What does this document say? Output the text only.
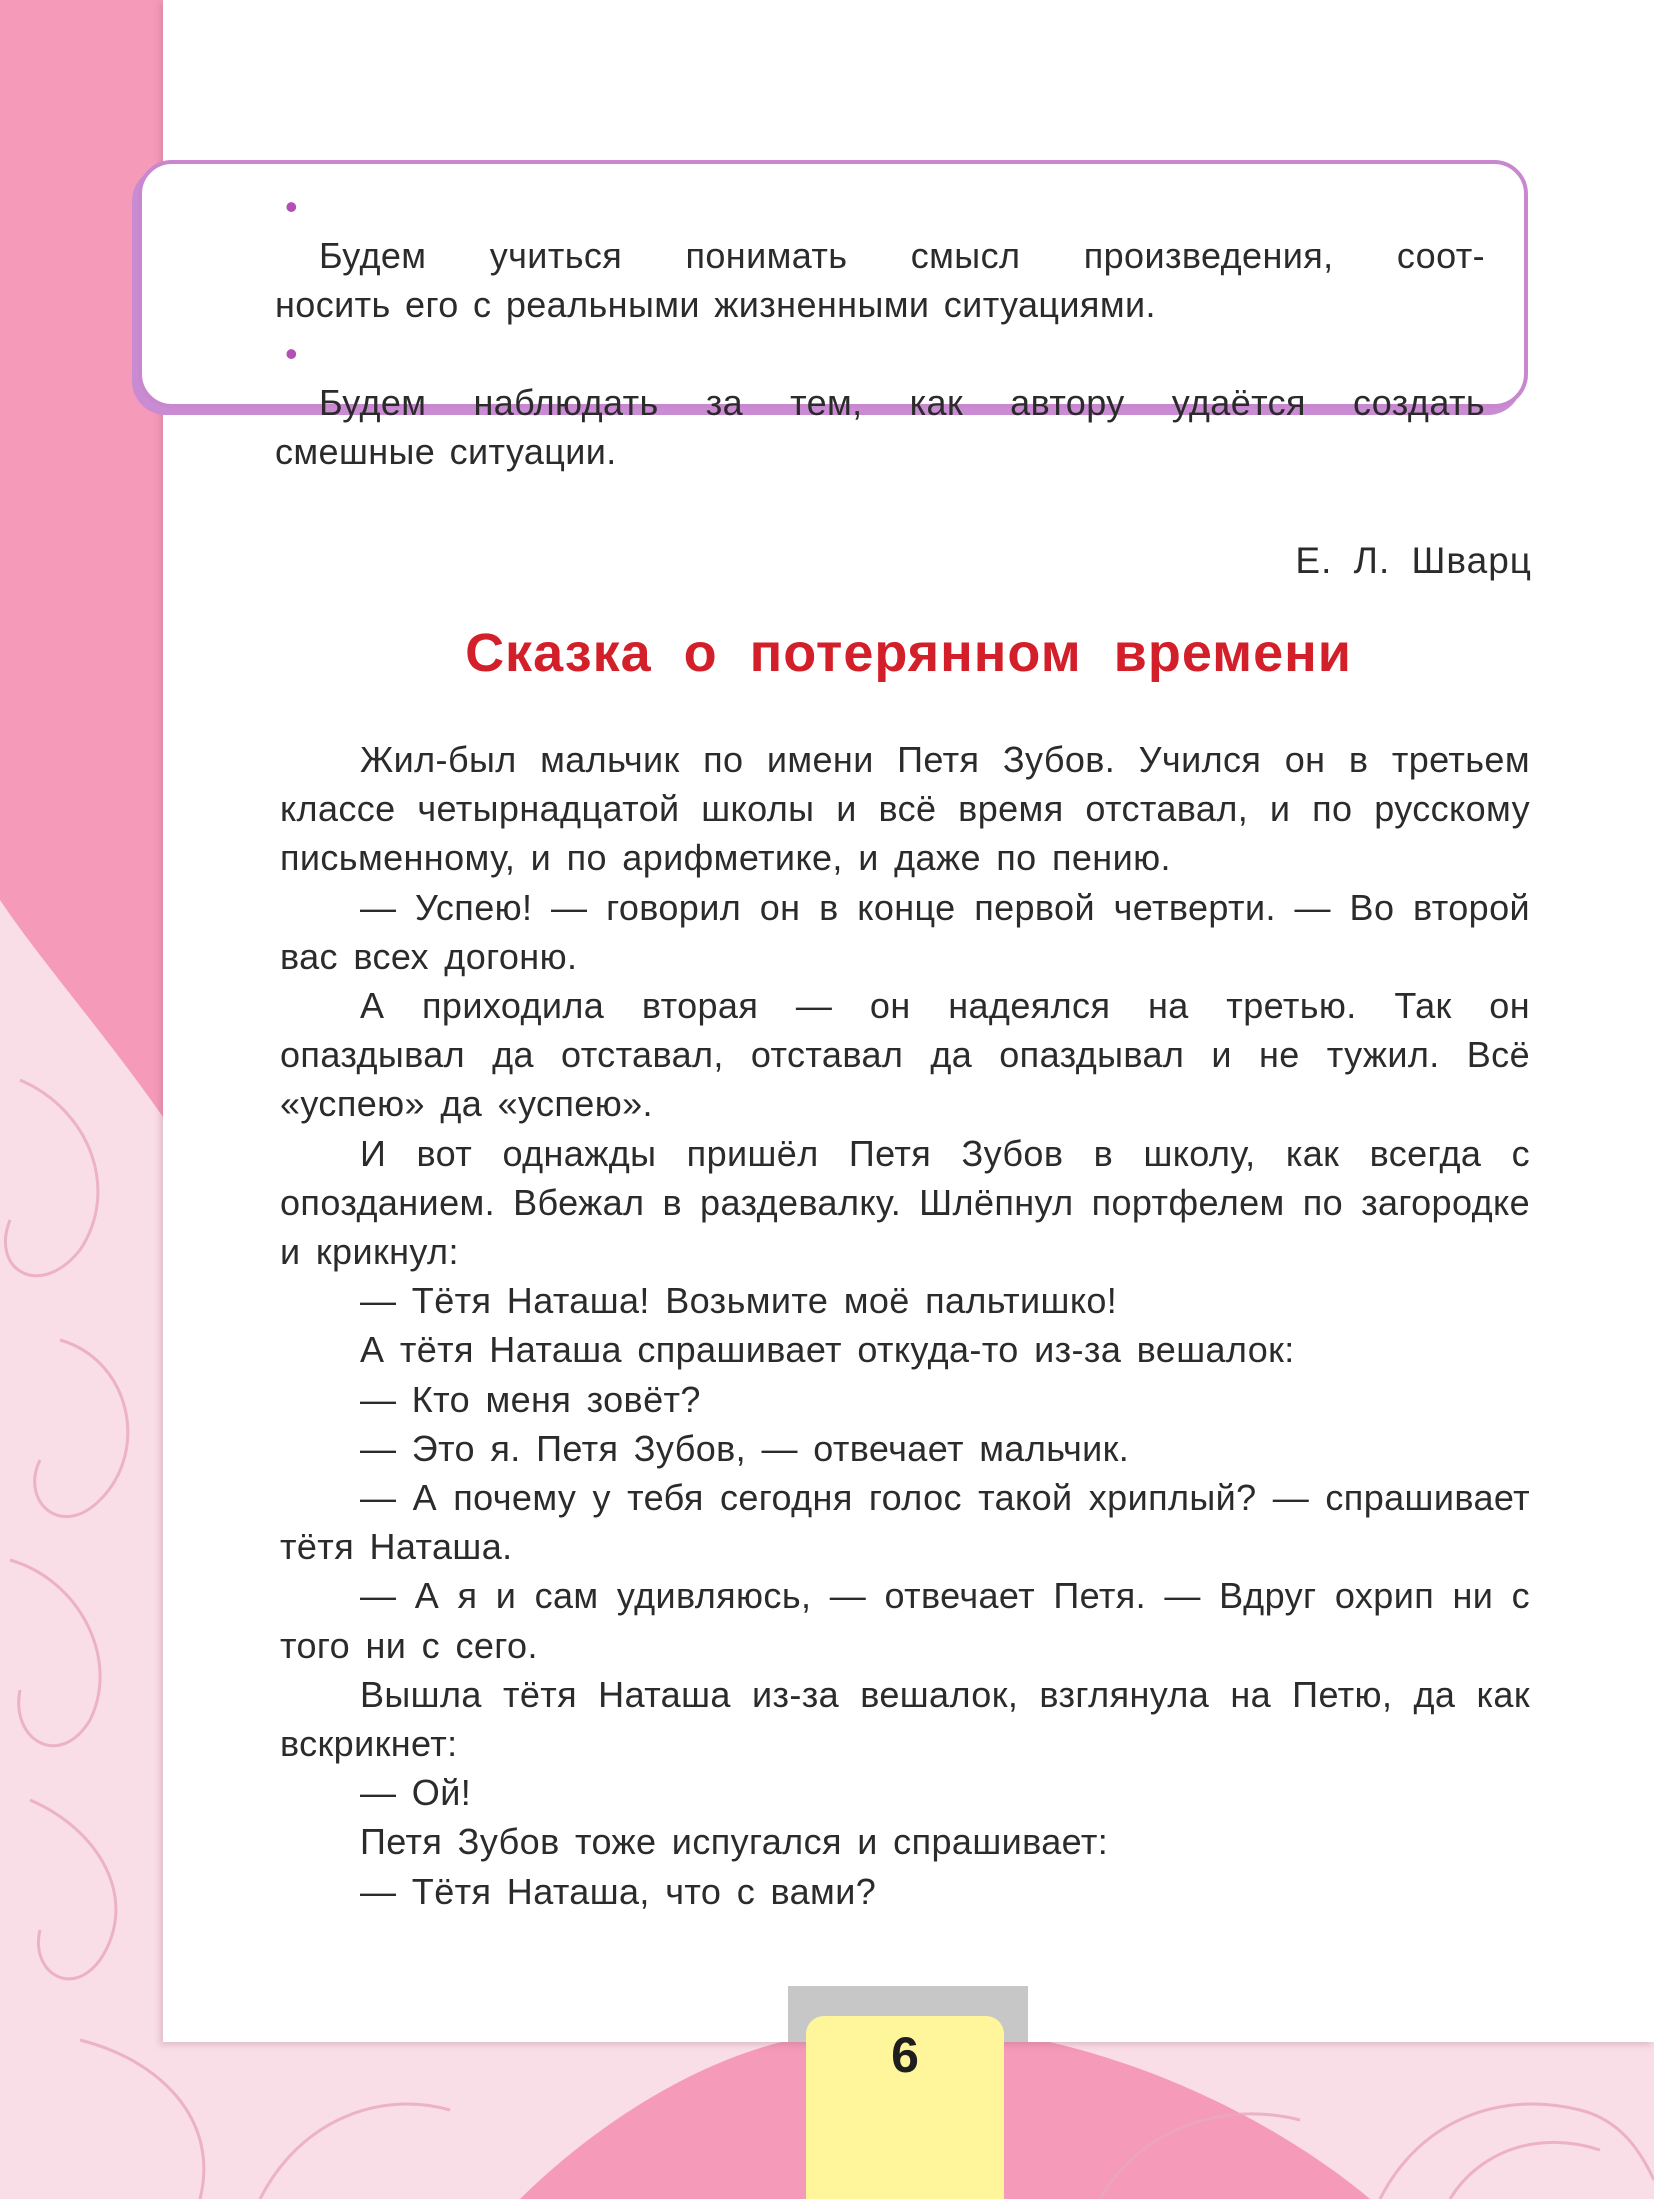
•
Будем учиться понимать смысл произведения, соот-
носить его с реальными жизненными ситуациями.

•
Будем наблюдать за тем, как автору удаётся создать
смешные ситуации.

Е. Л. Шварц
Сказка о потерянном времени

Жил-был мальчик по имени Петя Зубов. Учился он в третьем классе четырнадцатой школы и всё время отставал, и по русскому письменному, и по арифметике, и даже по пению.

— Успею! — говорил он в конце первой четверти. — Во второй вас всех догоню.

А приходила вторая — он надеялся на третью. Так он опаздывал да отставал, отставал да опаздывал и не тужил. Всё «успею» да «успею».

И вот однажды пришёл Петя Зубов в школу, как всегда с опозданием. Вбежал в раздевалку. Шлёпнул портфелем по загородке и крикнул:

— Тётя Наташа! Возьмите моё пальтишко!

А тётя Наташа спрашивает откуда-то из-за вешалок:

— Кто меня зовёт?

— Это я. Петя Зубов, — отвечает мальчик.

— А почему у тебя сегодня голос такой хриплый? — спрашивает тётя Наташа.

— А я и сам удивляюсь, — отвечает Петя. — Вдруг охрип ни с того ни с сего.

Вышла тётя Наташа из-за вешалок, взглянула на Петю, да как вскрикнет:

— Ой!

Петя Зубов тоже испугался и спрашивает:

— Тётя Наташа, что с вами?

6
